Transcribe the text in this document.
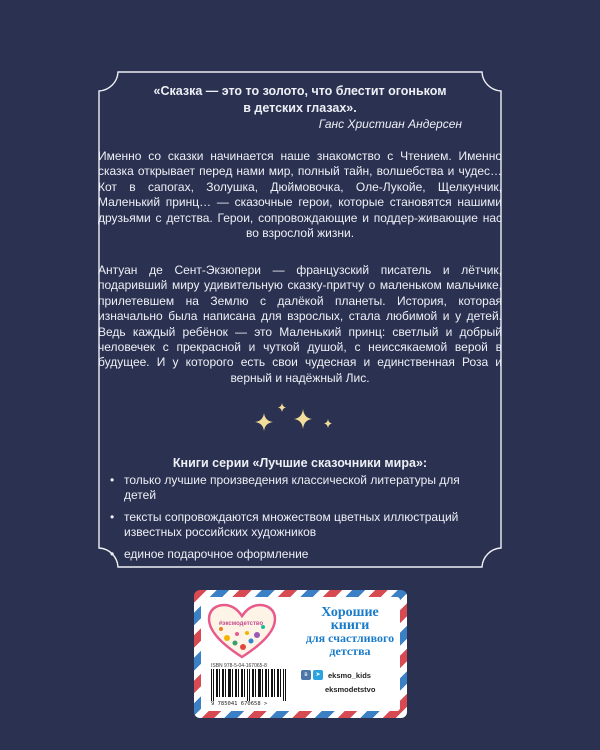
«Сказка — это то золото, что блестит огоньком
в детских глазах».
Ганс Христиан Андерсен
Именно со сказки начинается наше знакомство с Чтением. Именно сказка открывает перед нами мир, полный тайн, волшебства и чудес… Кот в сапогах, Золушка, Дюймовочка, Оле-Лукойе, Щелкунчик, Маленький принц… — сказочные герои, которые становятся нашими друзьями с детства. Герои, сопровождающие и поддер-живающие нас во взрослой жизни.
Антуан де Сент-Экзюпери — французский писатель и лётчик, подаривший миру удивительную сказку-притчу о маленьком мальчике, прилетевшем на Землю с далёкой планеты. История, которая изначально была написана для взрослых, стала любимой и у детей. Ведь каждый ребёнок — это Маленький принц: светлый и добрый человечек с прекрасной и чуткой душой, с неиссякаемой верой в будущее. И у которого есть свои чудесная и единственная Роза и верный и надёжный Лис.
Книги серии «Лучшие сказочники мира»:
• только лучшие произведения классической литературы для детей
• тексты сопровождаются множеством цветных иллюстраций известных российских художников
• единое подарочное оформление
#эксмодетство
Хорошие
книги
для счастливого
детства
ISBN 978-5-04-167065-8
9 785041 670658 >
в	➤ eksmo_kids
eksmodetstvo
